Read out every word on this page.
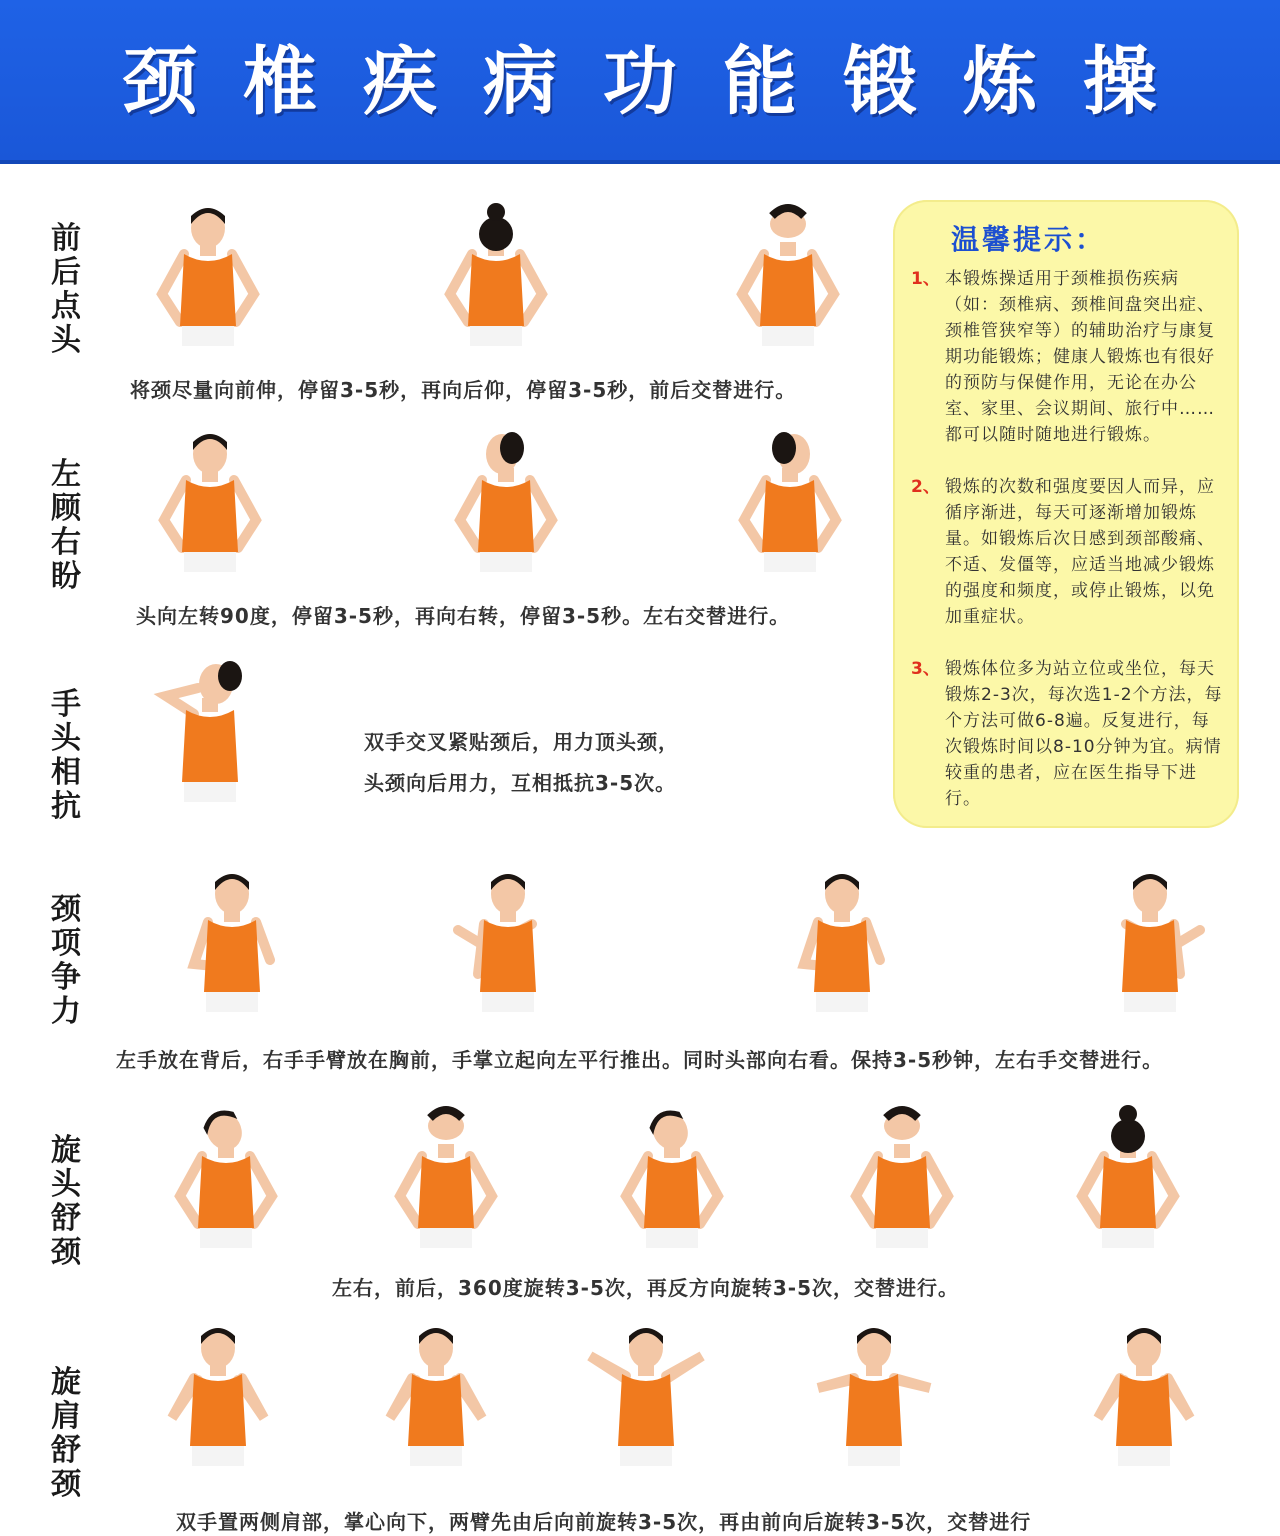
颈椎疾病功能锻炼操
前
后
点
头
左
顾
右
盼
手
头
相
抗
颈
项
争
力
旋
头
舒
颈
旋
肩
舒
颈
将颈尽量向前伸，停留3-5秒，再向后仰，停留3-5秒，前后交替进行。
头向左转90度，停留3-5秒，再向右转，停留3-5秒。左右交替进行。
双手交叉紧贴颈后，用力顶头颈，
头颈向后用力，互相抵抗3-5次。
左手放在背后，右手手臂放在胸前，手掌立起向左平行推出。同时头部向右看。保持3-5秒钟，左右手交替进行。
左右，前后，360度旋转3-5次，再反方向旋转3-5次，交替进行。
双手置两侧肩部，掌心向下，两臂先由后向前旋转3-5次，再由前向后旋转3-5次，交替进行
温馨提示：
1、 本锻炼操适用于颈椎损伤疾病（如：颈椎病、颈椎间盘突出症、颈椎管狭窄等）的辅助治疗与康复期功能锻炼；健康人锻炼也有很好的预防与保健作用，无论在办公室、家里、会议期间、旅行中……都可以随时随地进行锻炼。
2、 锻炼的次数和强度要因人而异，应循序渐进，每天可逐渐增加锻炼量。如锻炼后次日感到颈部酸痛、不适、发僵等，应适当地减少锻炼的强度和频度，或停止锻炼，以免加重症状。
3、 锻炼体位多为站立位或坐位，每天锻炼2-3次，每次选1-2个方法，每个方法可做6-8遍。反复进行，每次锻炼时间以8-10分钟为宜。病情较重的患者，应在医生指导下进行。
